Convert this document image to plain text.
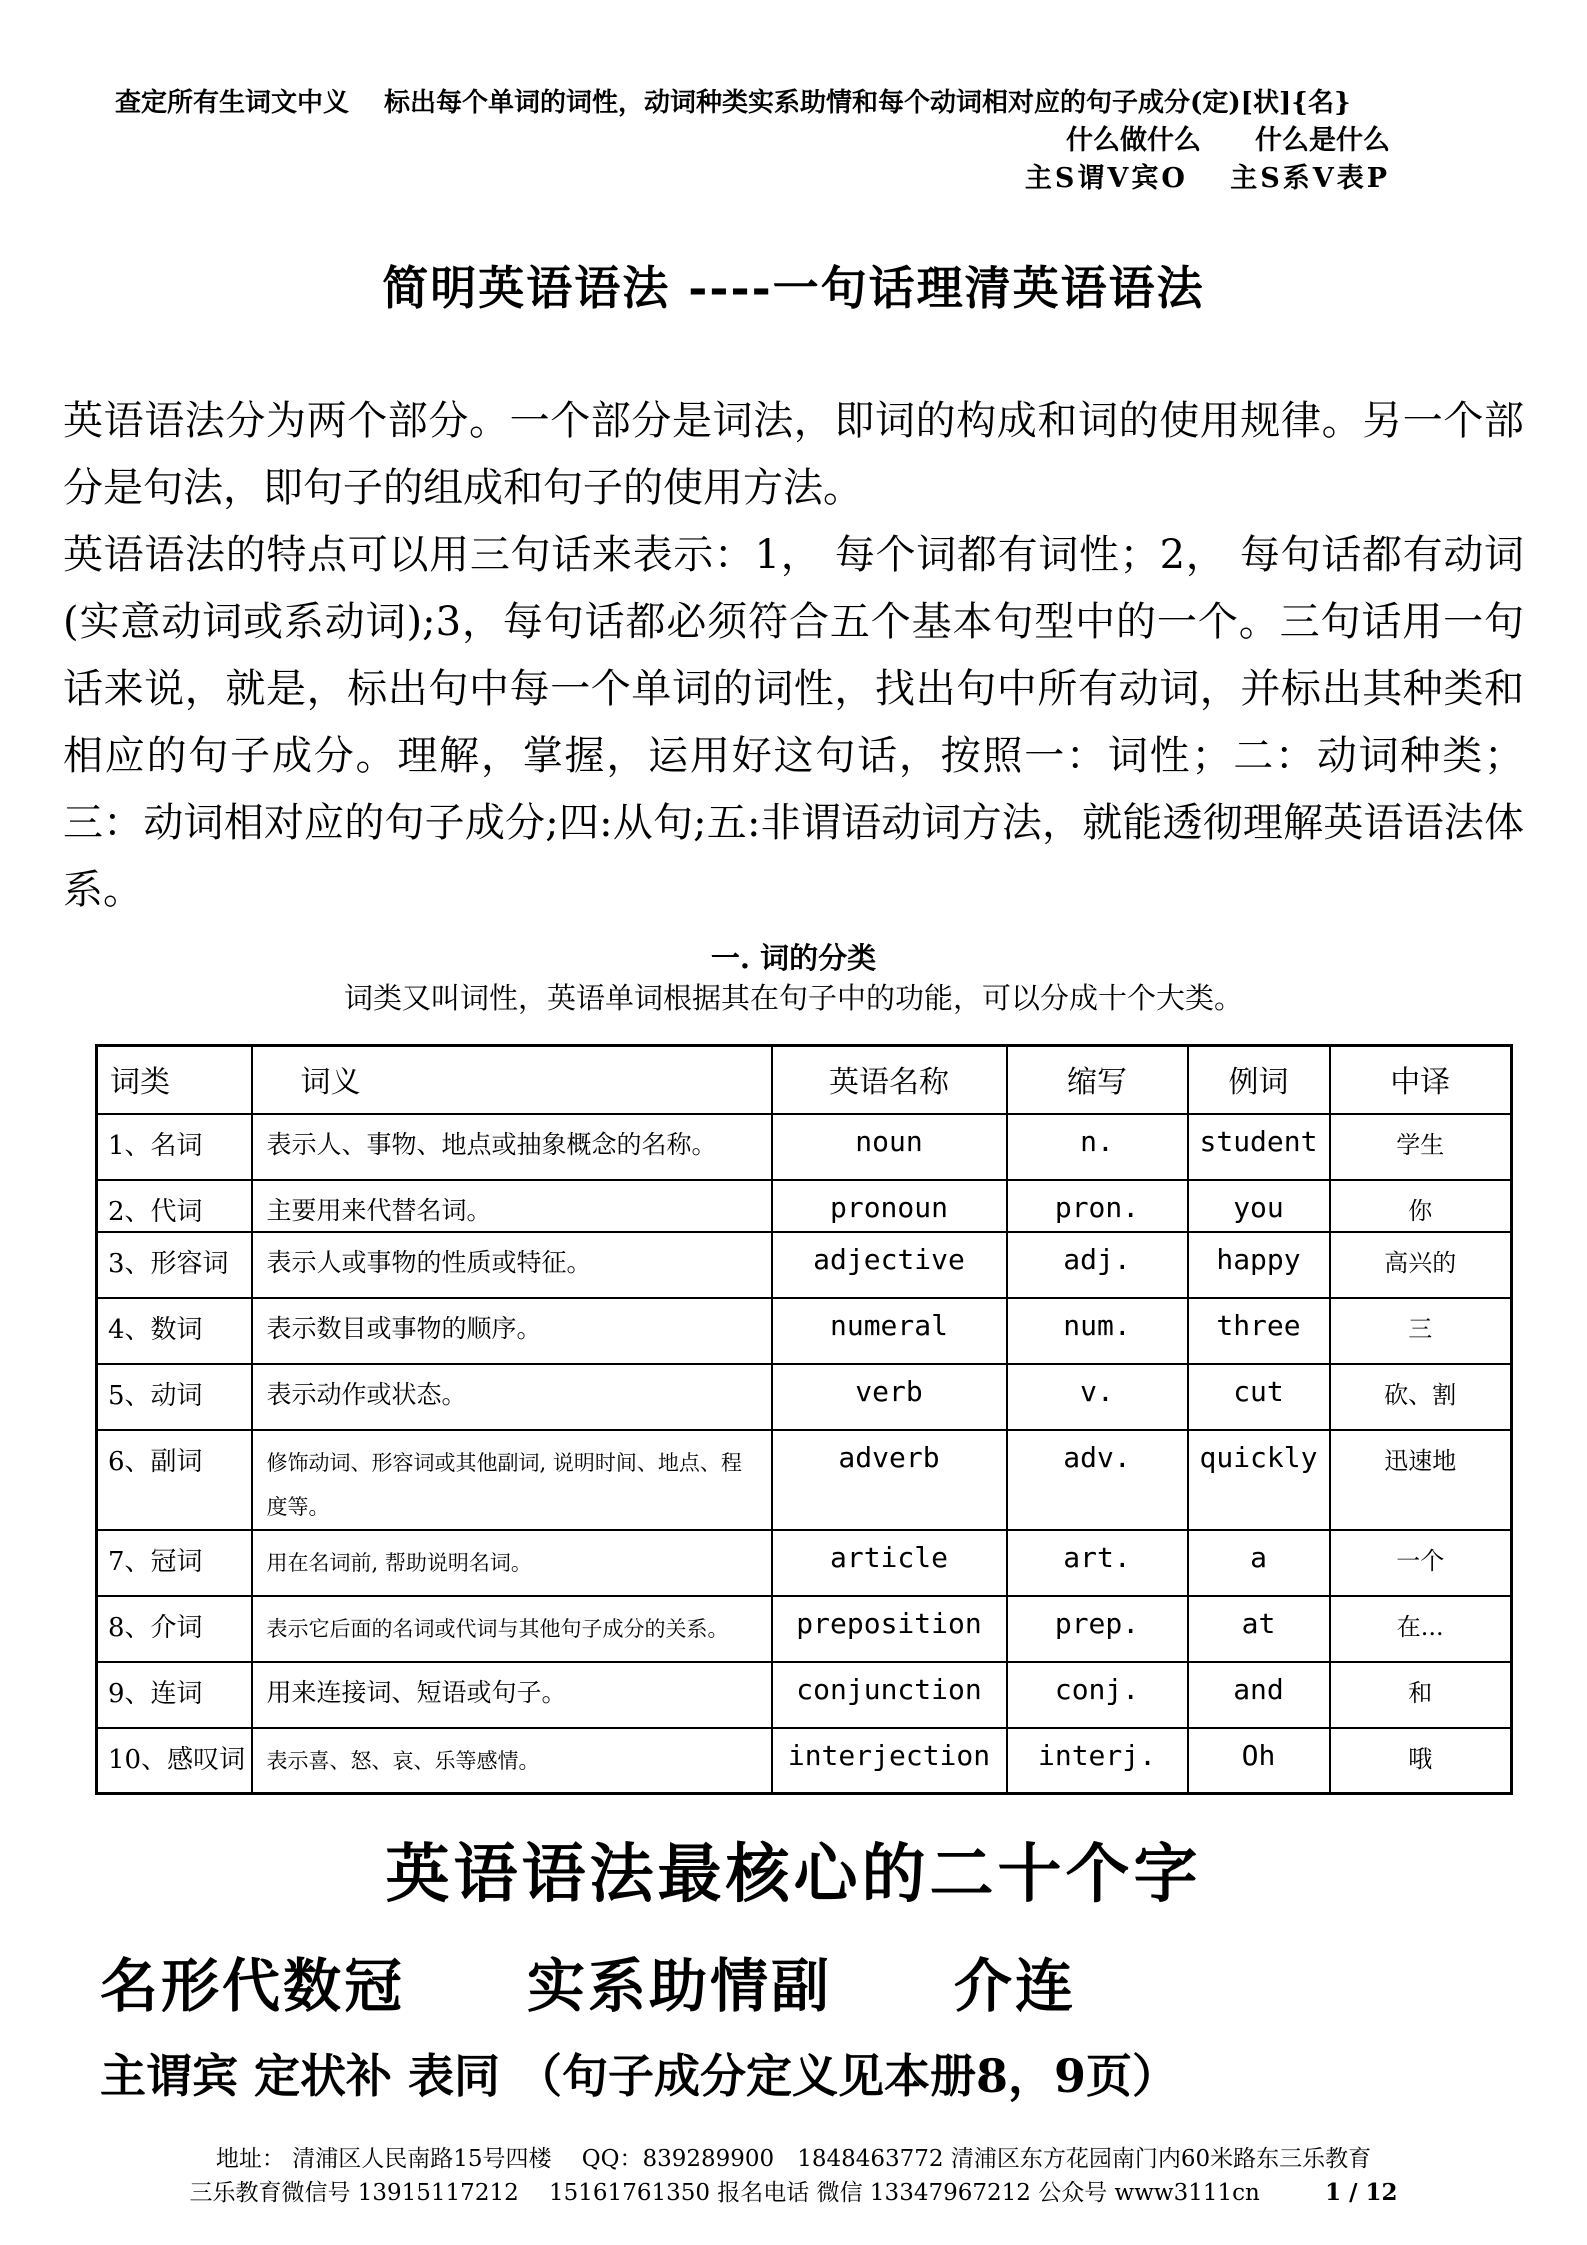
查定所有生词文中义　 标出每个单词的词性，动词种类实系助情和每个动词相对应的句子成分(定)[状]{名}
什么做什么　　什么是什么
主S谓V宾O　 主S系V表P
简明英语语法 ----一句话理清英语语法

英语语法分为两个部分。一个部分是词法，即词的构成和词的使用规律。另一个部分是句法，即句子的组成和句子的使用方法。

英语语法的特点可以用三句话来表示：1， 每个词都有词性；2， 每句话都有动词(实意动词或系动词);3，每句话都必须符合五个基本句型中的一个。三句话用一句话来说，就是，标出句中每一个单词的词性，找出句中所有动词，并标出其种类和相应的句子成分。理解，掌握，运用好这句话，按照一：词性；二：动词种类；三：动词相对应的句子成分;四:从句;五:非谓语动词方法，就能透彻理解英语语法体系。

一. 词的分类
词类又叫词性，英语单词根据其在句子中的功能，可以分成十个大类。
词类	词义	英语名称	缩写	例词	中译
1、名词	表示人、事物、地点或抽象概念的名称。	noun	n.	student	学生
2、代词	主要用来代替名词。	pronoun	pron.	you	你
3、形容词	表示人或事物的性质或特征。	adjective	adj.	happy	高兴的
4、数词	表示数目或事物的顺序。	numeral	num.	three	三
5、动词	表示动作或状态。	verb	v.	cut	砍、割
6、副词	修饰动词、形容词或其他副词, 说明时间、地点、程度等。	adverb	adv.	quickly	迅速地
7、冠词	用在名词前, 帮助说明名词。	article	art.	a	一个
8、介词	表示它后面的名词或代词与其他句子成分的关系。	preposition	prep.	at	在...
9、连词	用来连接词、短语或句子。	conjunction	conj.	and	和
10、感叹词	表示喜、怒、哀、乐等感情。	interjection	interj.	Oh	哦
英语语法最核心的二十个字
名形代数冠　　实系助情副　　介连
主谓宾 定状补 表同 （句子成分定义见本册8，9页）
地址： 清浦区人民南路15号四楼　 QQ：839289900　1848463772 清浦区东方花园南门内60米路东三乐教育
三乐教育微信号 13915117212　 15161761350 报名电话 微信 13347967212 公众号 www3111cn	1 / 12
